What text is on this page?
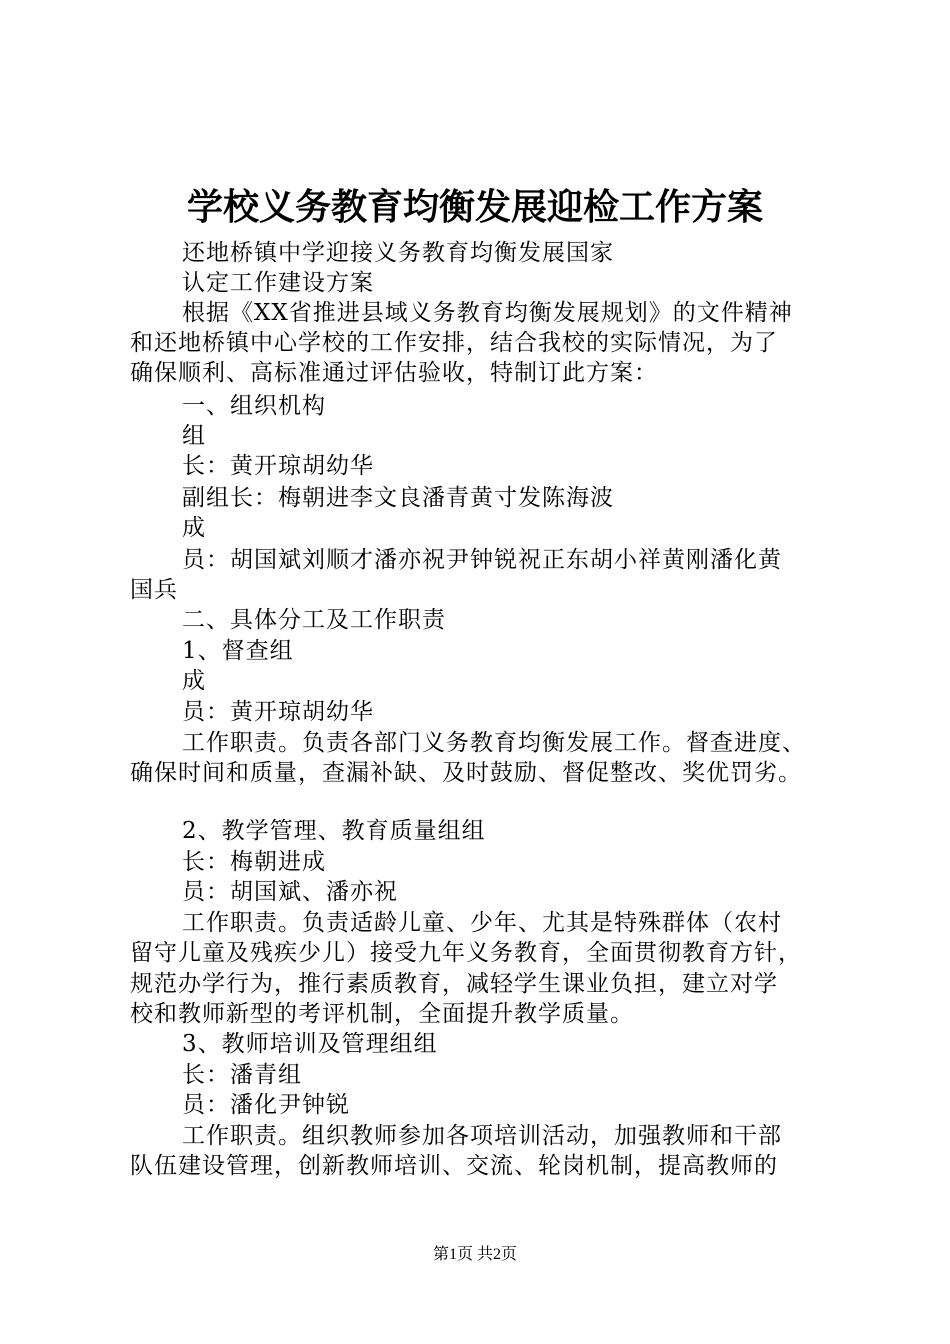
学校义务教育均衡发展迎检工作方案
还地桥镇中学迎接义务教育均衡发展国家
认定工作建设方案
根据《XX省推进县域义务教育均衡发展规划》的文件精神
和还地桥镇中心学校的工作安排，结合我校的实际情况，为了
确保顺利、高标准通过评估验收，特制订此方案：
一、组织机构
组
长：黄开琼胡幼华
副组长：梅朝进李文良潘青黄寸发陈海波
成
员：胡国斌刘顺才潘亦祝尹钟锐祝正东胡小祥黄刚潘化黄
国兵
二、具体分工及工作职责
1、督查组
成
员：黄开琼胡幼华
工作职责。负责各部门义务教育均衡发展工作。督查进度、
确保时间和质量，查漏补缺、及时鼓励、督促整改、奖优罚劣。
2、教学管理、教育质量组组
长：梅朝进成
员：胡国斌、潘亦祝
工作职责。负责适龄儿童、少年、尤其是特殊群体（农村
留守儿童及残疾少儿）接受九年义务教育，全面贯彻教育方针，
规范办学行为，推行素质教育，减轻学生课业负担，建立对学
校和教师新型的考评机制，全面提升教学质量。
3、教师培训及管理组组
长：潘青组
员：潘化尹钟锐
工作职责。组织教师参加各项培训活动，加强教师和干部
队伍建设管理，创新教师培训、交流、轮岗机制，提高教师的
第1页 共2页
